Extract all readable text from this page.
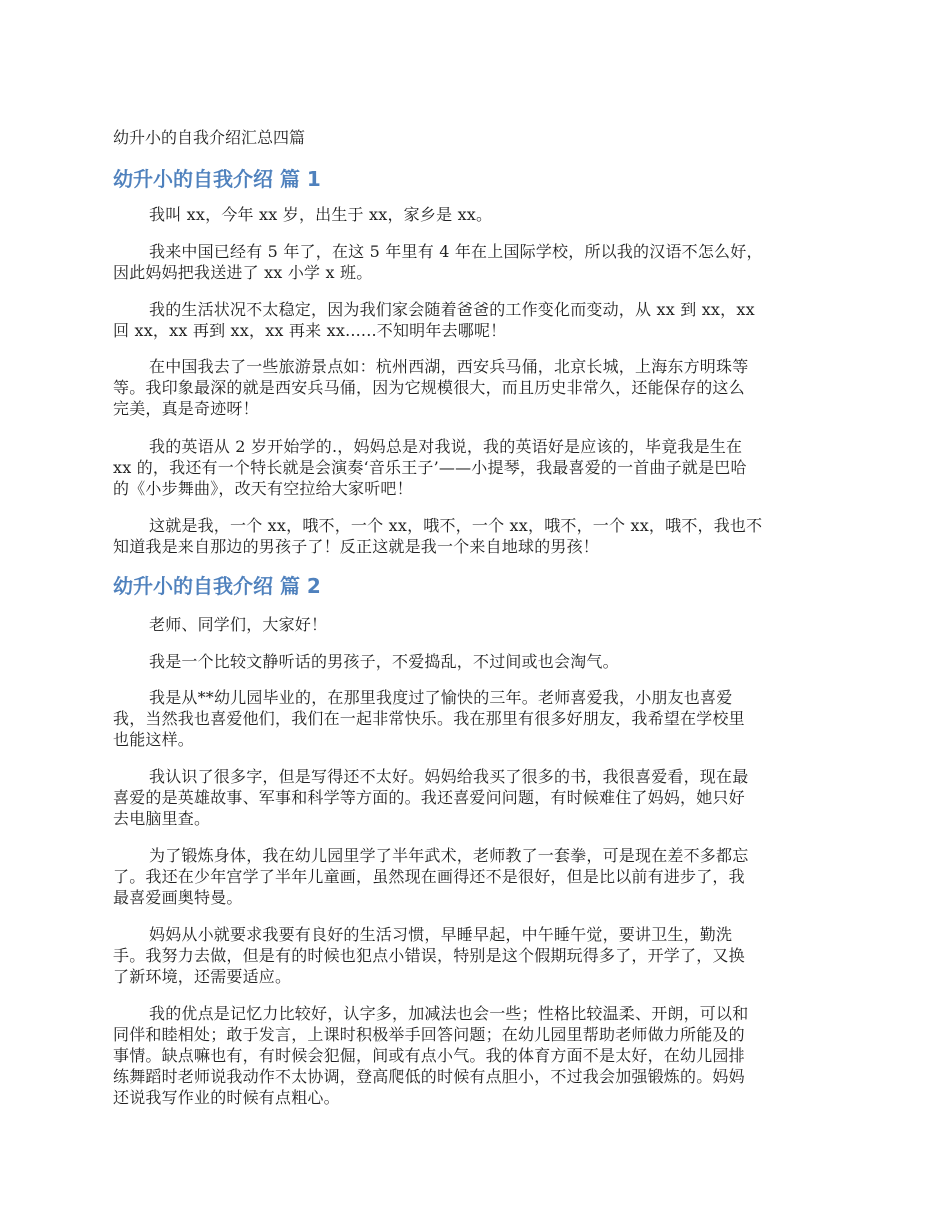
幼升小的自我介绍汇总四篇
幼升小的自我介绍 篇 1
我叫 xx，今年 xx 岁，出生于 xx，家乡是 xx。
我来中国已经有 5 年了，在这 5 年里有 4 年在上国际学校，所以我的汉语不怎么好，
因此妈妈把我送进了 xx 小学 x 班。
我的生活状况不太稳定，因为我们家会随着爸爸的工作变化而变动，从 xx 到 xx，xx
回 xx，xx 再到 xx，xx 再来 xx......不知明年去哪呢！
在中国我去了一些旅游景点如：杭州西湖，西安兵马俑，北京长城，上海东方明珠等
等。我印象最深的就是西安兵马俑，因为它规模很大，而且历史非常久，还能保存的这么
完美，真是奇迹呀！
我的英语从 2 岁开始学的.，妈妈总是对我说，我的英语好是应该的，毕竟我是生在
xx 的，我还有一个特长就是会演奏‘音乐王子’——小提琴，我最喜爱的一首曲子就是巴哈
的《小步舞曲》，改天有空拉给大家听吧！
这就是我，一个 xx，哦不，一个 xx，哦不，一个 xx，哦不，一个 xx，哦不，我也不
知道我是来自那边的男孩子了！反正这就是我一个来自地球的男孩！
幼升小的自我介绍 篇 2
老师、同学们，大家好！
我是一个比较文静听话的男孩子，不爱捣乱，不过间或也会淘气。
我是从**幼儿园毕业的，在那里我度过了愉快的三年。老师喜爱我，小朋友也喜爱
我，当然我也喜爱他们，我们在一起非常快乐。我在那里有很多好朋友，我希望在学校里
也能这样。
我认识了很多字，但是写得还不太好。妈妈给我买了很多的书，我很喜爱看，现在最
喜爱的是英雄故事、军事和科学等方面的。我还喜爱问问题，有时候难住了妈妈，她只好
去电脑里查。
为了锻炼身体，我在幼儿园里学了半年武术，老师教了一套拳，可是现在差不多都忘
了。我还在少年宫学了半年儿童画，虽然现在画得还不是很好，但是比以前有进步了，我
最喜爱画奥特曼。
妈妈从小就要求我要有良好的生活习惯，早睡早起，中午睡午觉，要讲卫生，勤洗
手。我努力去做，但是有的时候也犯点小错误，特别是这个假期玩得多了，开学了，又换
了新环境，还需要适应。
我的优点是记忆力比较好，认字多，加减法也会一些；性格比较温柔、开朗，可以和
同伴和睦相处；敢于发言，上课时积极举手回答问题；在幼儿园里帮助老师做力所能及的
事情。缺点嘛也有，有时候会犯倔，间或有点小气。我的体育方面不是太好，在幼儿园排
练舞蹈时老师说我动作不太协调，登高爬低的时候有点胆小，不过我会加强锻炼的。妈妈
还说我写作业的时候有点粗心。
